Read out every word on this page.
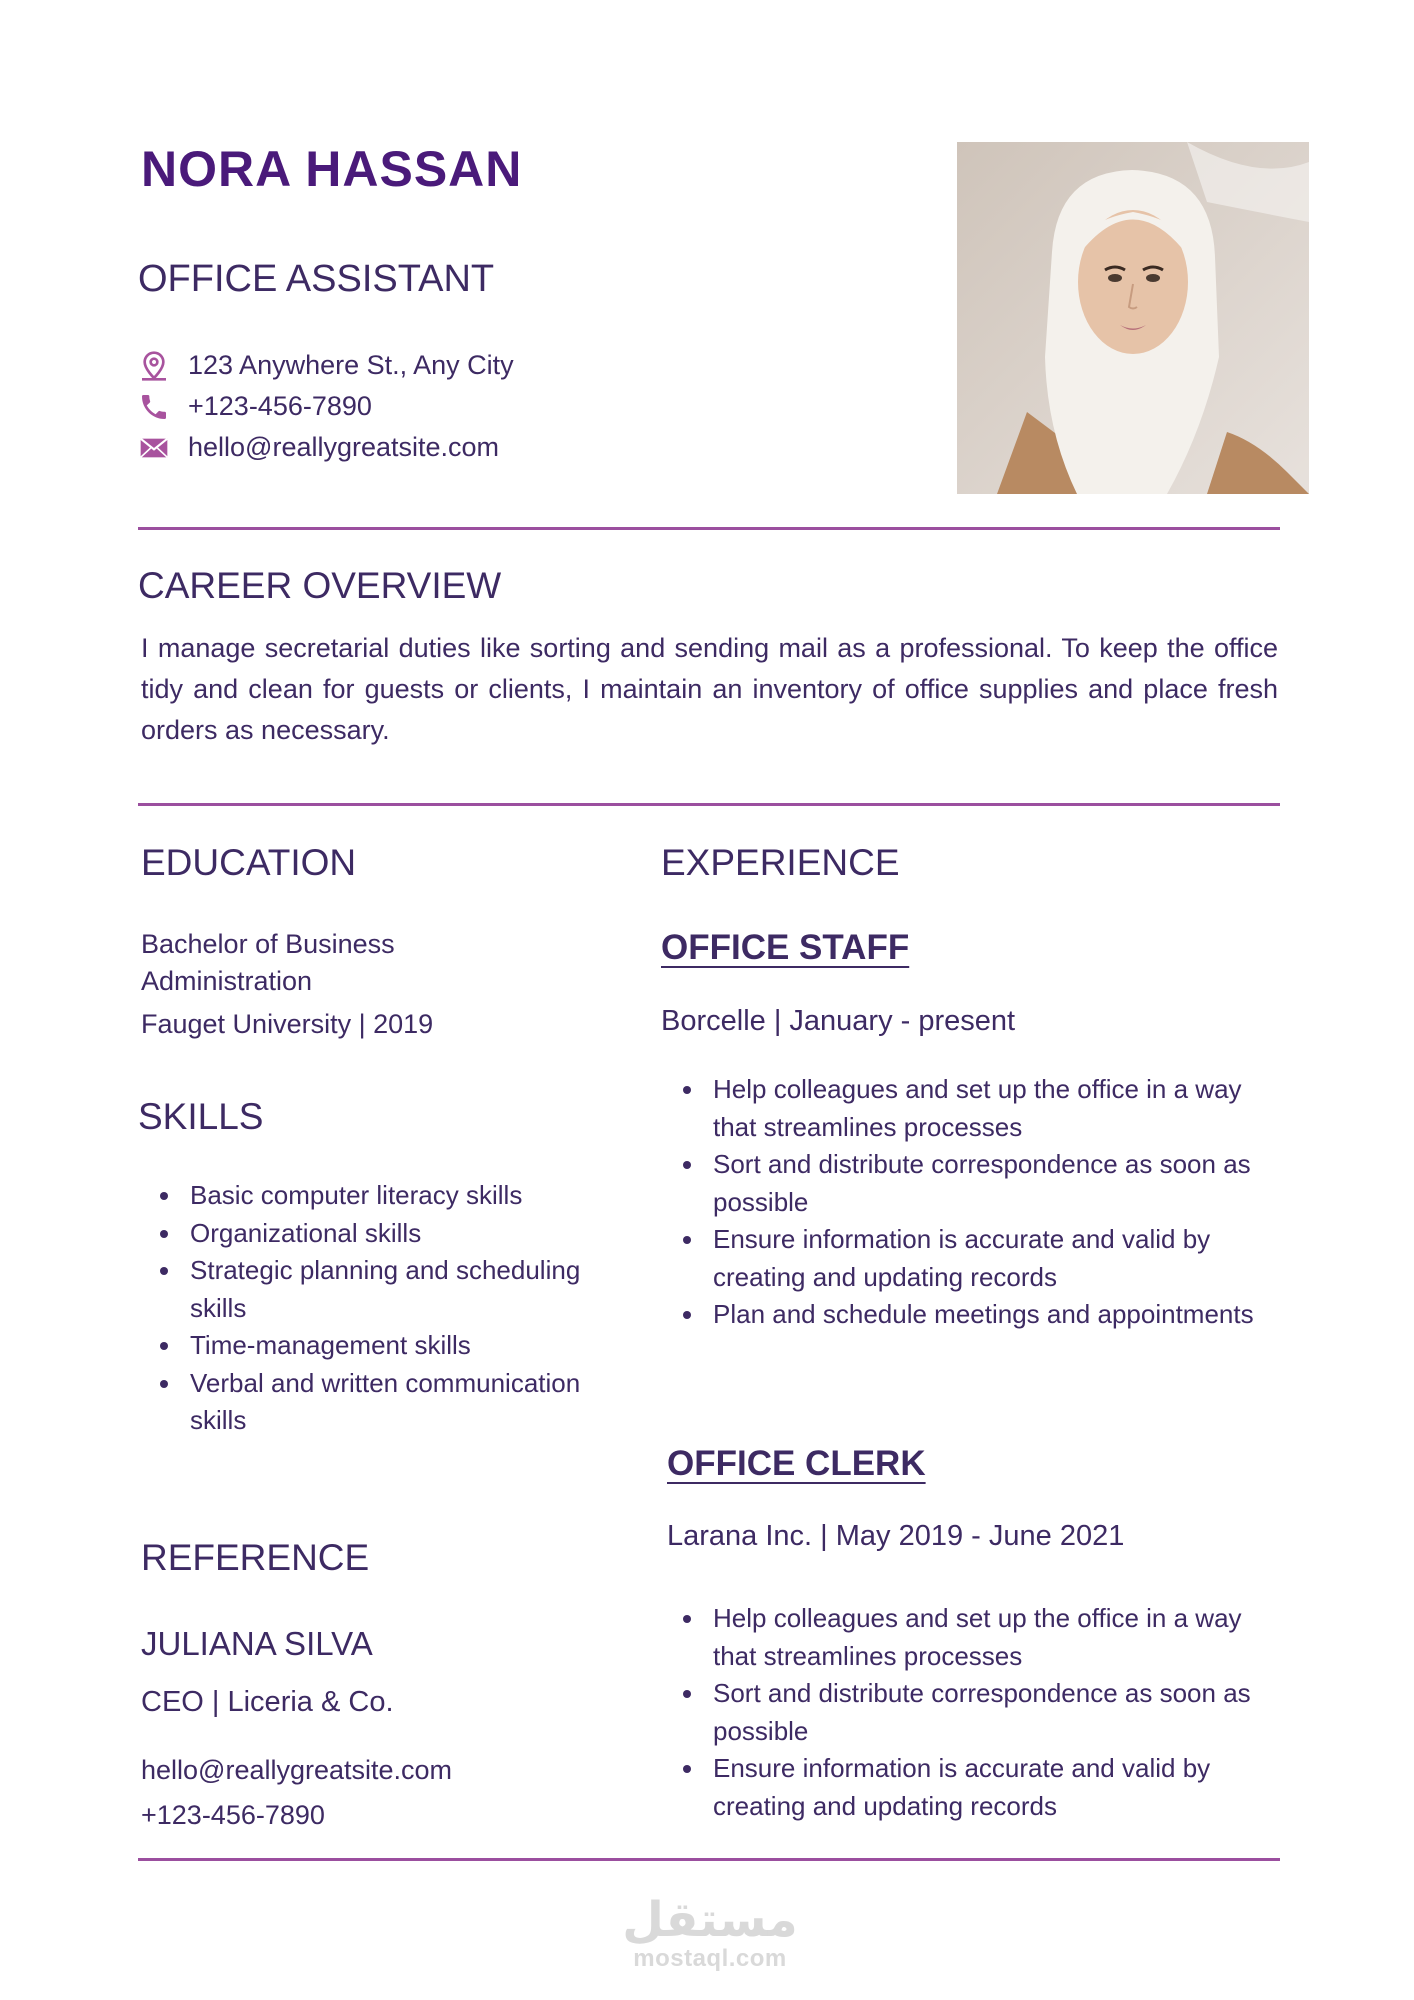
NORA HASSAN
OFFICE ASSISTANT
123 Anywhere St., Any City
+123-456-7890
hello@reallygreatsite.com
CAREER OVERVIEW

I manage secretarial duties like sorting and sending mail as a professional. To keep the office tidy and clean for guests or clients, I maintain an inventory of office supplies and place fresh orders as necessary.

EDUCATION

Bachelor of Business Administration

Fauget University | 2019

SKILLS
Basic computer literacy skills
Organizational skills
Strategic planning and scheduling skills
Time-management skills
Verbal and written communication skills
REFERENCE

JULIANA SILVA

CEO | Liceria & Co.

hello@reallygreatsite.com

+123-456-7890

EXPERIENCE
OFFICE STAFF

Borcelle | January - present

Help colleagues and set up the office in a way that streamlines processes
Sort and distribute correspondence as soon as possible
Ensure information is accurate and valid by creating and updating records
Plan and schedule meetings and appointments
OFFICE CLERK

Larana Inc. | May 2019 - June 2021

Help colleagues and set up the office in a way that streamlines processes
Sort and distribute correspondence as soon as possible
Ensure information is accurate and valid by creating and updating records
مستقل
mostaql.com
